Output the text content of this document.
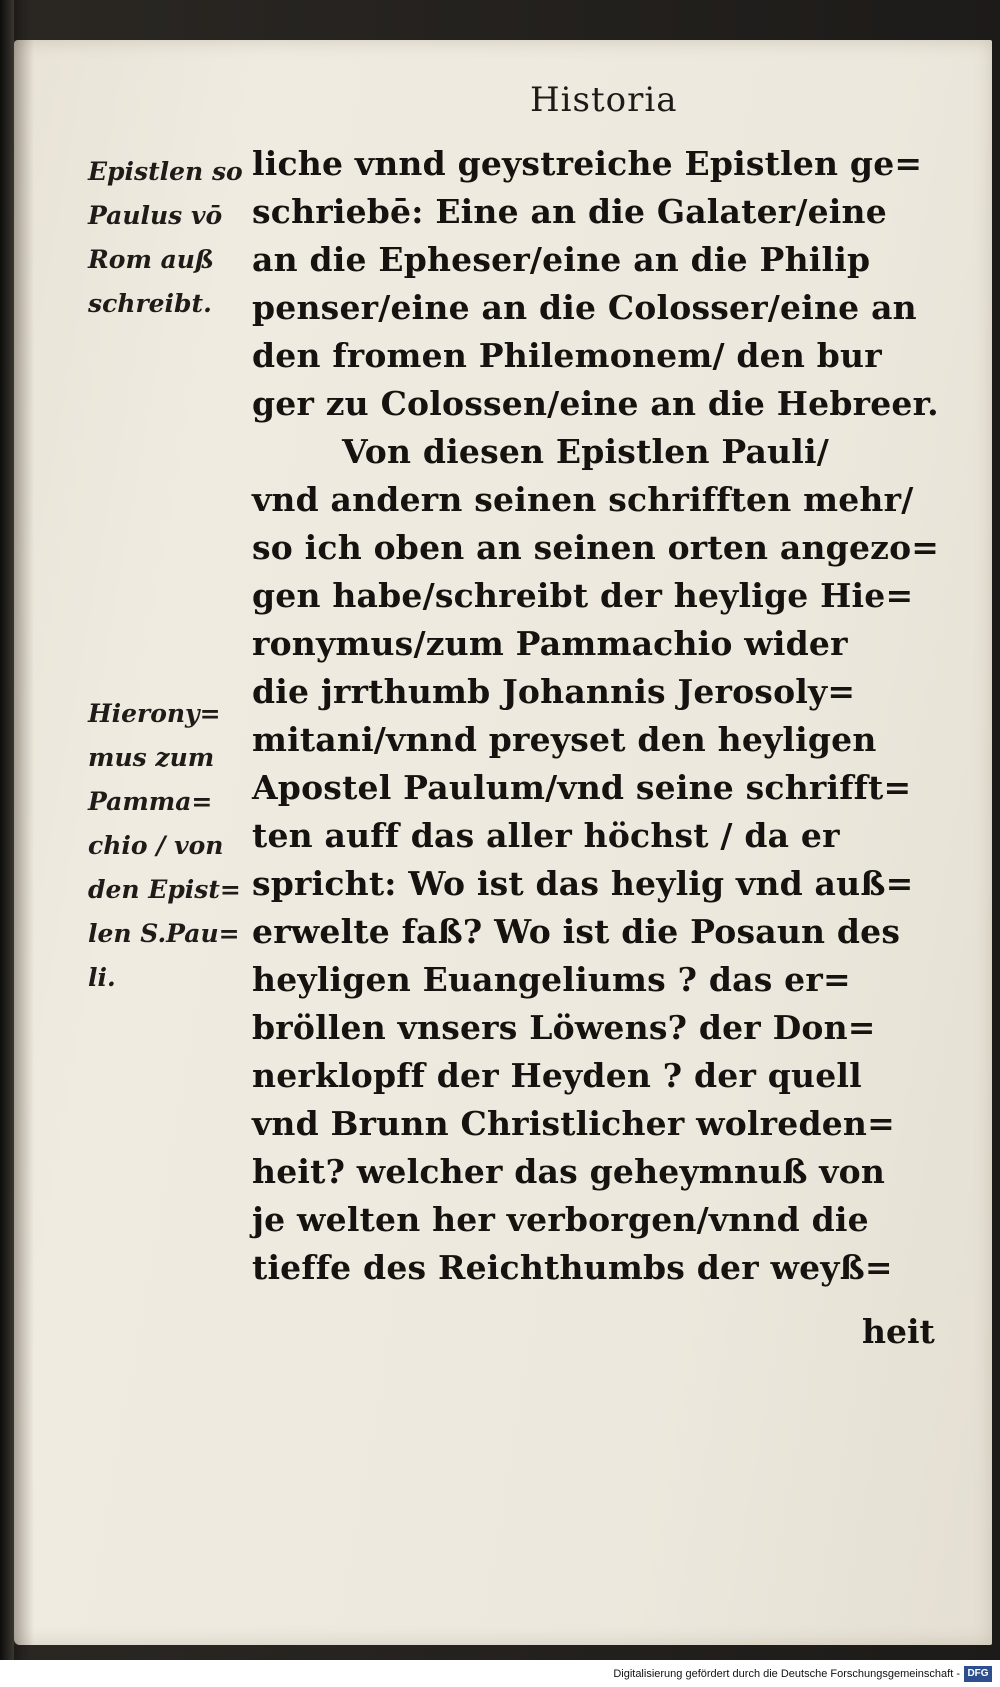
Historia
Epistlen so
Paulus vō
Rom auß
schreibt.
Hierony=
mus zum
Pamma=
chio / von
den Epist=
len S.Pau=
li.
liche vnnd geystreiche Epistlen ge=
schriebē: Eine an die Galater/eine
an die Epheser/eine an die Philip
penser/eine an die Colosser/eine an
den fromen Philemonem/ den bur
ger zu Colossen/eine an die Hebreer.
Von diesen Epistlen Pauli/
vnd andern seinen schrifften mehr/
so ich oben an seinen orten angezo=
gen habe/schreibt der heylige Hie=
ronymus/zum Pammachio wider
die jrrthumb Johannis Jerosoly=
mitani/vnnd preyset den heyligen
Apostel Paulum/vnd seine schrifft=
ten auff das aller höchst / da er
spricht: Wo ist das heylig vnd auß=
erwelte faß? Wo ist die Posaun des
heyligen Euangeliums ? das er=
bröllen vnsers Löwens? der Don=
nerklopff der Heyden ? der quell
vnd Brunn Christlicher wolreden=
heit? welcher das geheymnuß von
je welten her verborgen/vnnd die
tieffe des Reichthumbs der weyß=
heit
Digitalisierung gefördert durch die Deutsche Forschungsgemeinschaft - DFG
